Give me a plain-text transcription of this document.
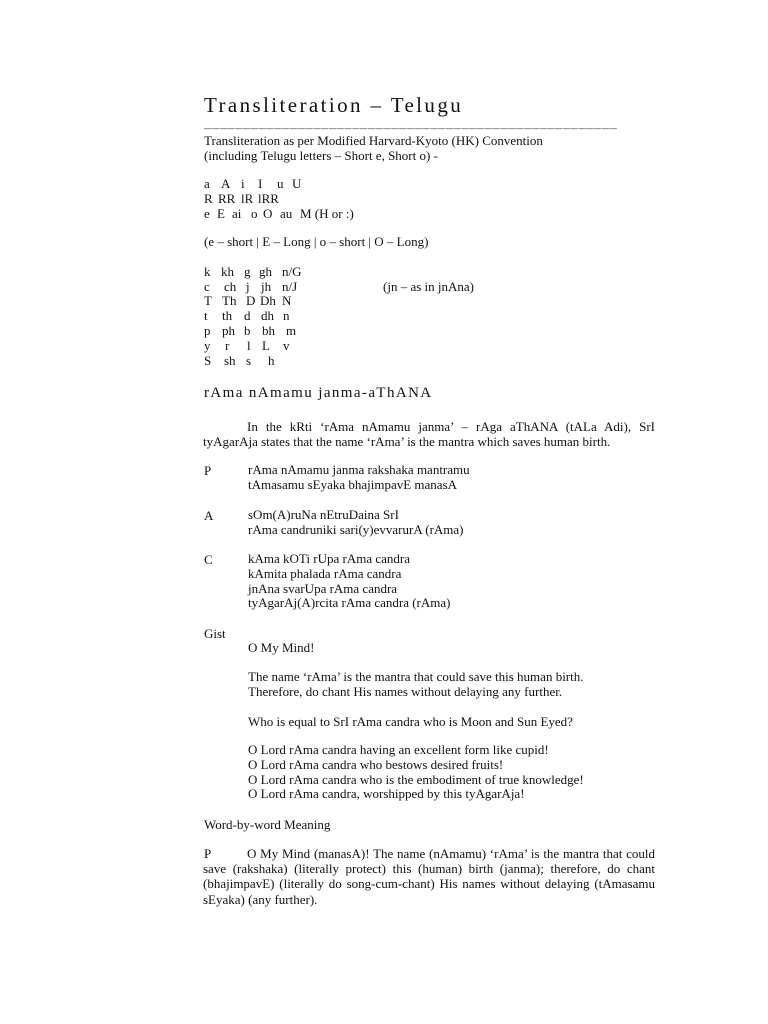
Transliteration – Telugu
_____________________________________________________
Transliteration as per Modified Harvard-Kyoto (HK) Convention
(including Telugu letters – Short e, Short o) -
a A i I u U
R RR lR lRR
e E ai o O au M (H or :)
(e – short | E – Long | o – short | O – Long)
k kh g gh n/G
c ch j jh n/J	(jn – as in jnAna)
T Th D Dh N
t th d dh n
p ph b bh m
y r l L v
S sh s h
rAma nAmamu janma-aThANA

In the kRti ‘rAma nAmamu janma’ – rAga aThANA (tALa Adi), SrI tyAgarAja states that the name ‘rAma’ is the mantra which saves human birth.

P	rAma nAmamu janma rakshaka mantramu
tAmasamu sEyaka bhajimpavE manasA
A	sOm(A)ruNa nEtruDaina SrI
rAma candruniki sari(y)evvarurA (rAma)
C	kAma kOTi rUpa rAma candra
kAmita phalada rAma candra
jnAna svarUpa rAma candra
tyAgarAj(A)rcita rAma candra (rAma)
Gist
O My Mind!
The name ‘rAma’ is the mantra that could save this human birth.
Therefore, do chant His names without delaying any further.
Who is equal to SrI rAma candra who is Moon and Sun Eyed?
O Lord rAma candra having an excellent form like cupid!
O Lord rAma candra who bestows desired fruits!
O Lord rAma candra who is the embodiment of true knowledge!
O Lord rAma candra, worshipped by this tyAgarAja!
Word-by-word Meaning
P	O My Mind (manasA)! The name (nAmamu) ‘rAma’ is the mantra that could save (rakshaka) (literally protect) this (human) birth (janma); therefore, do chant (bhajimpavE) (literally do song-cum-chant) His names without delaying (tAmasamu sEyaka) (any further).
